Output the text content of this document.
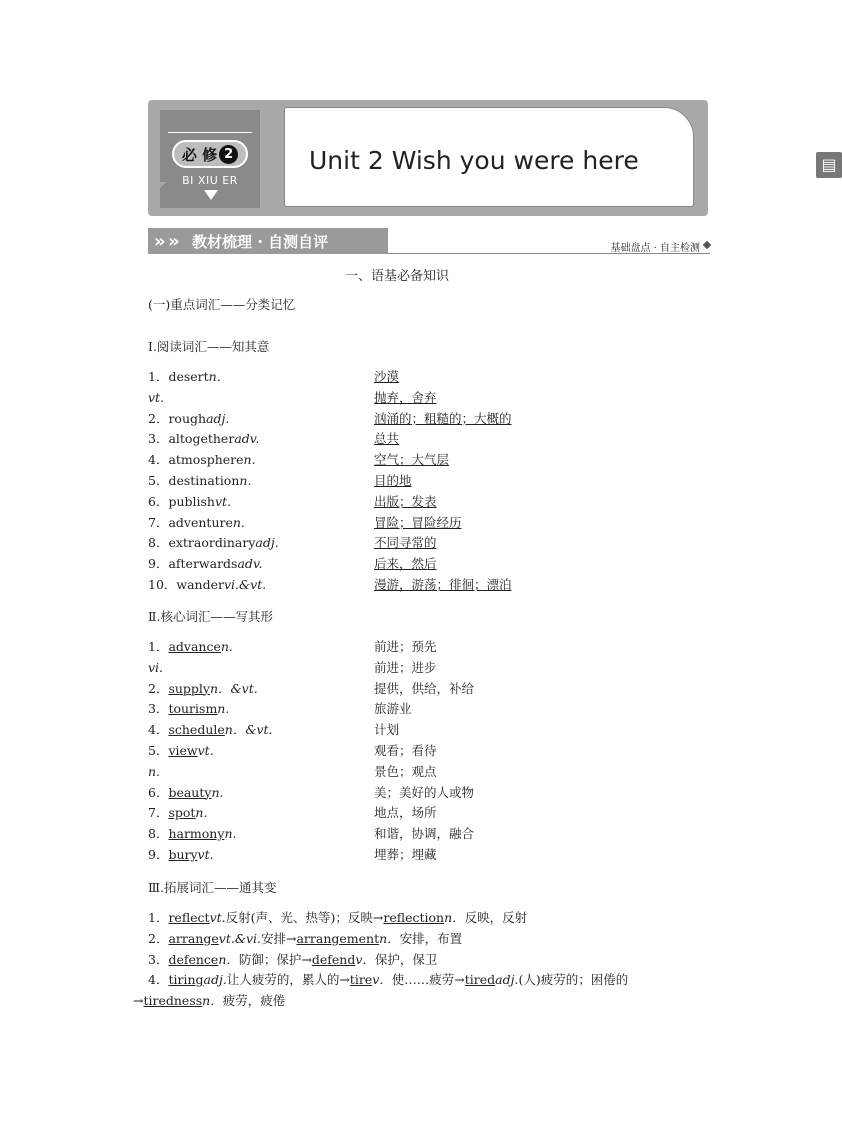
必 修 2
BI XIU ER
Unit 2 Wish you were here	▤
» » 教材梳理 · 自测自评	基础盘点 · 自主检测
一、语基必备知识
(一)重点词汇——分类记忆
Ⅰ.阅读词汇——知其意
1．desertn．	沙漠
vt.	抛弃，舍弃
2．roughadj.	汹涌的；粗糙的；大概的
3．altogetheradv.	总共
4．atmospheren.	空气；大气层
5．destinationn.	目的地
6．publishvt.	出版；发表
7．adventuren.	冒险；冒险经历
8．extraordinaryadj.	不同寻常的
9．afterwardsadv.	后来，然后
10．wandervi.&vt.	漫游，游荡；徘徊；漂泊
Ⅱ.核心词汇——写其形
1．advancen.	前进；预先
vi.	前进；进步
2．supplyn．&vt.	提供，供给，补给
3．tourismn.	旅游业
4．schedulen．&vt.	计划
5．viewvt.	观看；看待
n.	景色；观点
6．beautyn.	美；美好的人或物
7．spotn.	地点，场所
8．harmonyn.	和谐，协调，融合
9．buryvt.	埋葬；埋藏
Ⅲ.拓展词汇——通其变
1．reflectvt.反射(声、光、热等)；反映→reflectionn．反映，反射
2．arrangevt.&vi.安排→arrangementn．安排，布置
3．defencen．防御；保护→defendv．保护，保卫
4．tiringadj.让人疲劳的，累人的→tirev．使……疲劳→tiredadj.(人)疲劳的；困倦的
→tirednessn．疲劳，疲倦
